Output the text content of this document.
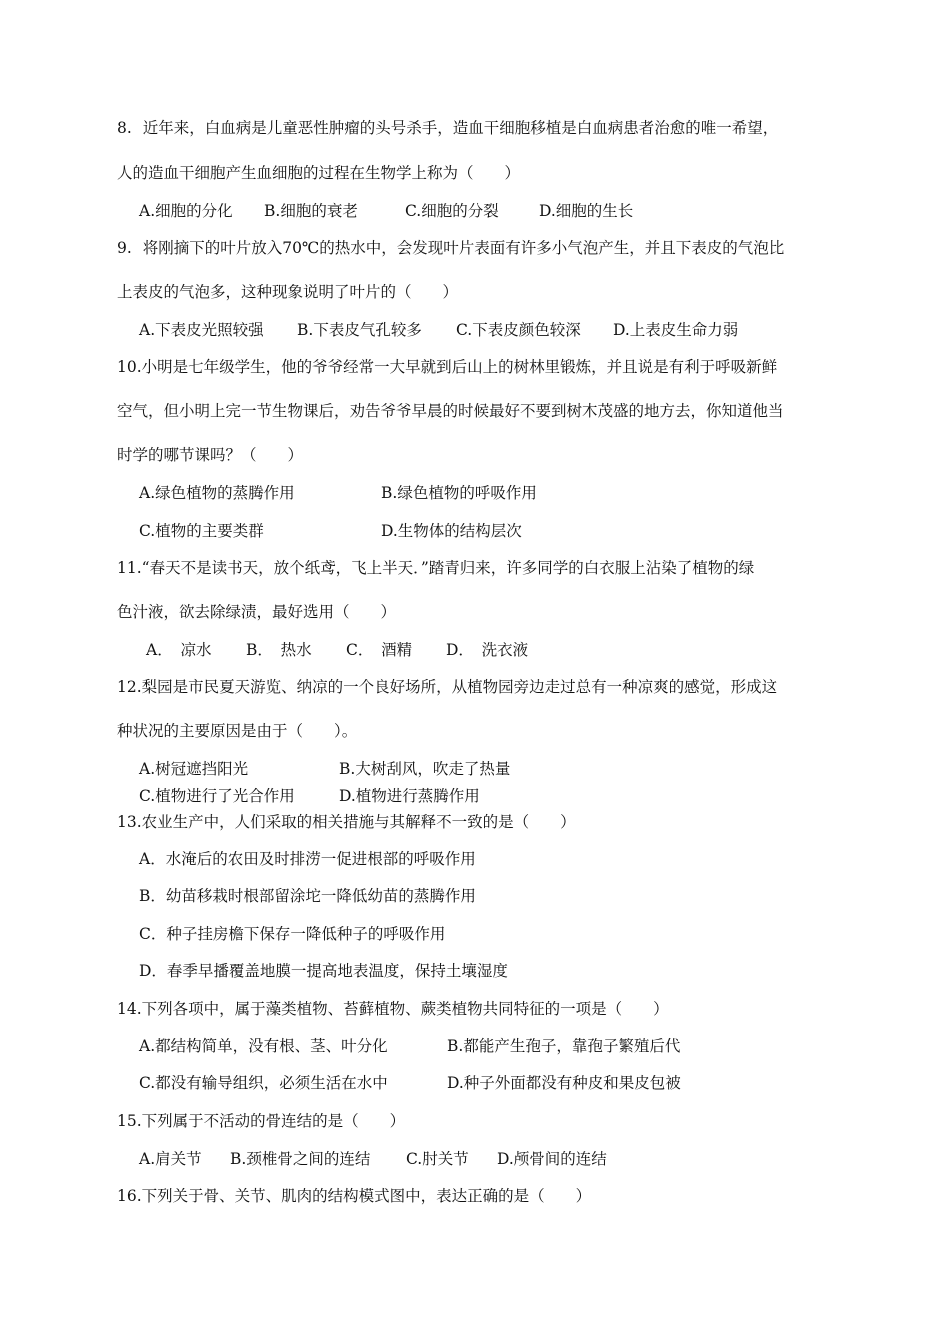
8. 近年来，白血病是儿童恶性肿瘤的头号杀手，造血干细胞移植是白血病患者治愈的唯一希望，
人的造血干细胞产生血细胞的过程在生物学上称为（　　）
A.细胞的分化 B.细胞的衰老	C.细胞的分裂	D.细胞的生长
9. 将刚摘下的叶片放入70℃的热水中，会发现叶片表面有许多小气泡产生，并且下表皮的气泡比
上表皮的气泡多，这种现象说明了叶片的（　　）
A.下表皮光照较强 B.下表皮气孔较多 C.下表皮颜色较深 D.上表皮生命力弱
10.小明是七年级学生，他的爷爷经常一大早就到后山上的树林里锻炼，并且说是有利于呼吸新鲜
空气，但小明上完一节生物课后，劝告爷爷早晨的时候最好不要到树木茂盛的地方去，你知道他当
时学的哪节课吗？（　　）
A.绿色植物的蒸腾作用	B.绿色植物的呼吸作用
C.植物的主要类群	D.生物体的结构层次
11.“春天不是读书天，放个纸鸢，飞上半天．”踏青归来，许多同学的白衣服上沾染了植物的绿
色汁液，欲去除绿渍，最好选用（　　）
A．　凉水 B．　热水 C．　酒精 D．　洗衣液
12.梨园是市民夏天游览、纳凉的一个良好场所，从植物园旁边走过总有一种凉爽的感觉，形成这
种状况的主要原因是由于（　　）。
A.树冠遮挡阳光	B.大树刮风，吹走了热量
C.植物进行了光合作用	D.植物进行蒸腾作用
13.农业生产中，人们采取的相关措施与其解释不一致的是（　　）
A．水淹后的农田及时排涝一促进根部的呼吸作用
B．幼苗移栽时根部留涂坨一降低幼苗的蒸腾作用
C．种子挂房檐下保存一降低种子的呼吸作用
D．春季早播覆盖地膜一提高地表温度，保持土壤湿度
14.下列各项中，属于藻类植物、苔藓植物、蕨类植物共同特征的一项是（　　）
A.都结构简单，没有根、茎、叶分化	B.都能产生孢子，靠孢子繁殖后代
C.都没有输导组织，必须生活在水中	D.种子外面都没有种皮和果皮包被
15.下列属于不活动的骨连结的是（　　）
A.肩关节 B.颈椎骨之间的连结 C.肘关节 D.颅骨间的连结
16.下列关于骨、关节、肌肉的结构模式图中，表达正确的是（　　）
